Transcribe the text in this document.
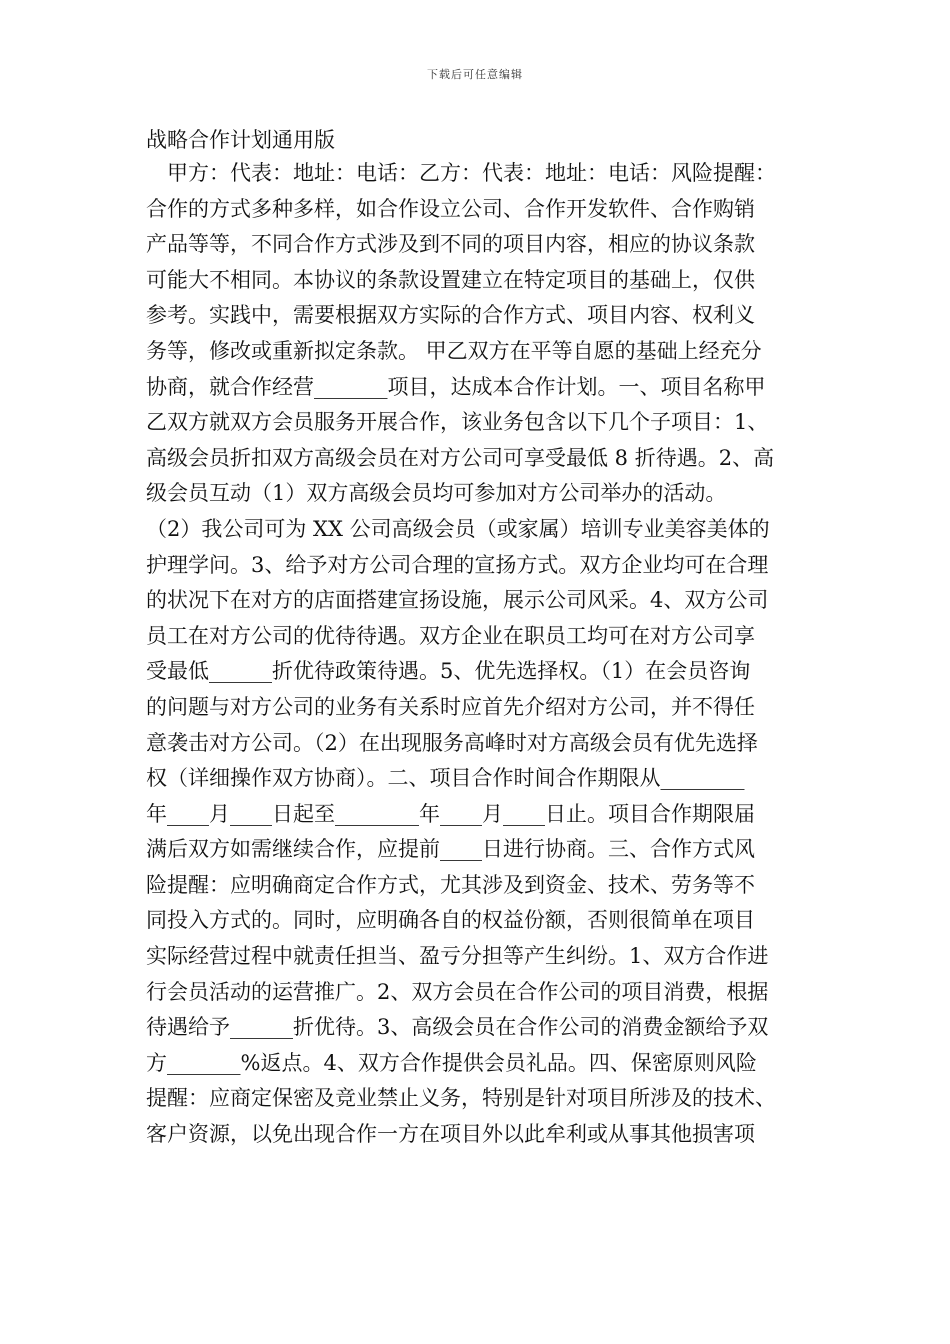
下载后可任意编辑
战略合作计划通用版
　甲方：代表：地址：电话：乙方：代表：地址：电话：风险提醒：
合作的方式多种多样，如合作设立公司、合作开发软件、合作购销
产品等等，不同合作方式涉及到不同的项目内容，相应的协议条款
可能大不相同。本协议的条款设置建立在特定项目的基础上，仅供
参考。实践中，需要根据双方实际的合作方式、项目内容、权利义
务等，修改或重新拟定条款。 甲乙双方在平等自愿的基础上经充分
协商，就合作经营_______项目，达成本合作计划。一、项目名称甲
乙双方就双方会员服务开展合作，该业务包含以下几个子项目：1、
高级会员折扣双方高级会员在对方公司可享受最低 8 折待遇。2、高
级会员互动（1）双方高级会员均可参加对方公司举办的活动。
（2）我公司可为 XX 公司高级会员（或家属）培训专业美容美体的
护理学问。3、给予对方公司合理的宣扬方式。双方企业均可在合理
的状况下在对方的店面搭建宣扬设施，展示公司风采。4、双方公司
员工在对方公司的优待待遇。双方企业在职员工均可在对方公司享
受最低______折优待政策待遇。5、优先选择权。（1）在会员咨询
的问题与对方公司的业务有关系时应首先介绍对方公司，并不得任
意袭击对方公司。（2）在出现服务高峰时对方高级会员有优先选择
权（详细操作双方协商）。二、项目合作时间合作期限从________
年____月____日起至________年____月____日止。项目合作期限届
满后双方如需继续合作，应提前____日进行协商。三、合作方式风
险提醒：应明确商定合作方式，尤其涉及到资金、技术、劳务等不
同投入方式的。同时，应明确各自的权益份额，否则很简单在项目
实际经营过程中就责任担当、盈亏分担等产生纠纷。1、双方合作进
行会员活动的运营推广。2、双方会员在合作公司的项目消费，根据
待遇给予______折优待。3、高级会员在合作公司的消费金额给予双
方_______%返点。4、双方合作提供会员礼品。四、保密原则风险
提醒：应商定保密及竞业禁止义务，特别是针对项目所涉及的技术、
客户资源，以免出现合作一方在项目外以此牟利或从事其他损害项
